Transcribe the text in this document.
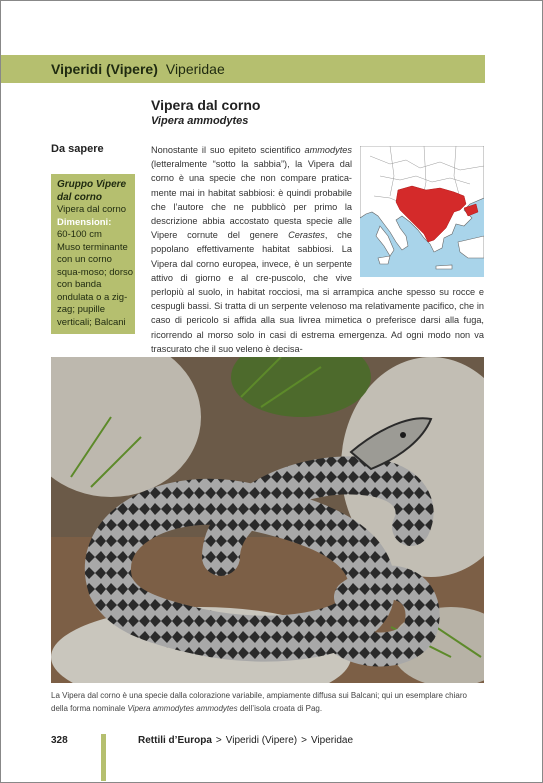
Viperidi (Vipere) Viperidae
Vipera dal corno
Vipera ammodytes
Da sapere
Gruppo Vipere dal corno
Vipera dal corno
Dimensioni:
60-100 cm
Muso terminante con un corno squa-moso; dorso con banda ondulata o a zig-zag; pupille verticali; Balcani

Nonostante il suo epiteto scientifico ammodytes (letteralmente “sotto la sabbia”), la Vipera dal corno è una specie che non compare pratica-mente mai in habitat sabbiosi: è quindi probabile che l’autore che ne pubblicò per primo la descrizione abbia accostato questa specie alle Vipere cornute del genere Cerastes, che popolano effettivamente habitat sabbiosi. La Vipera dal corno europea, invece, è un serpente attivo di giorno e al cre-puscolo, che vive perlopiù al suolo, in habitat rocciosi, ma si arrampica anche spesso su rocce e cespugli bassi. Si tratta di un serpente velenoso ma relativamente pacifico, che in caso di pericolo si affida alla sua livrea mimetica o preferisce darsi alla fuga, ricorrendo al morso solo in casi di estrema emergenza. Ad ogni modo non va trascurato che il suo veleno è decisa-

La Vipera dal corno è una specie dalla colorazione variabile, ampiamente diffusa sui Balcani; qui un esemplare chiaro della forma nominale Vipera ammodytes ammodytes dell’isola croata di Pag.
328	Rettili d’Europa > Viperidi (Vipere) > Viperidae
